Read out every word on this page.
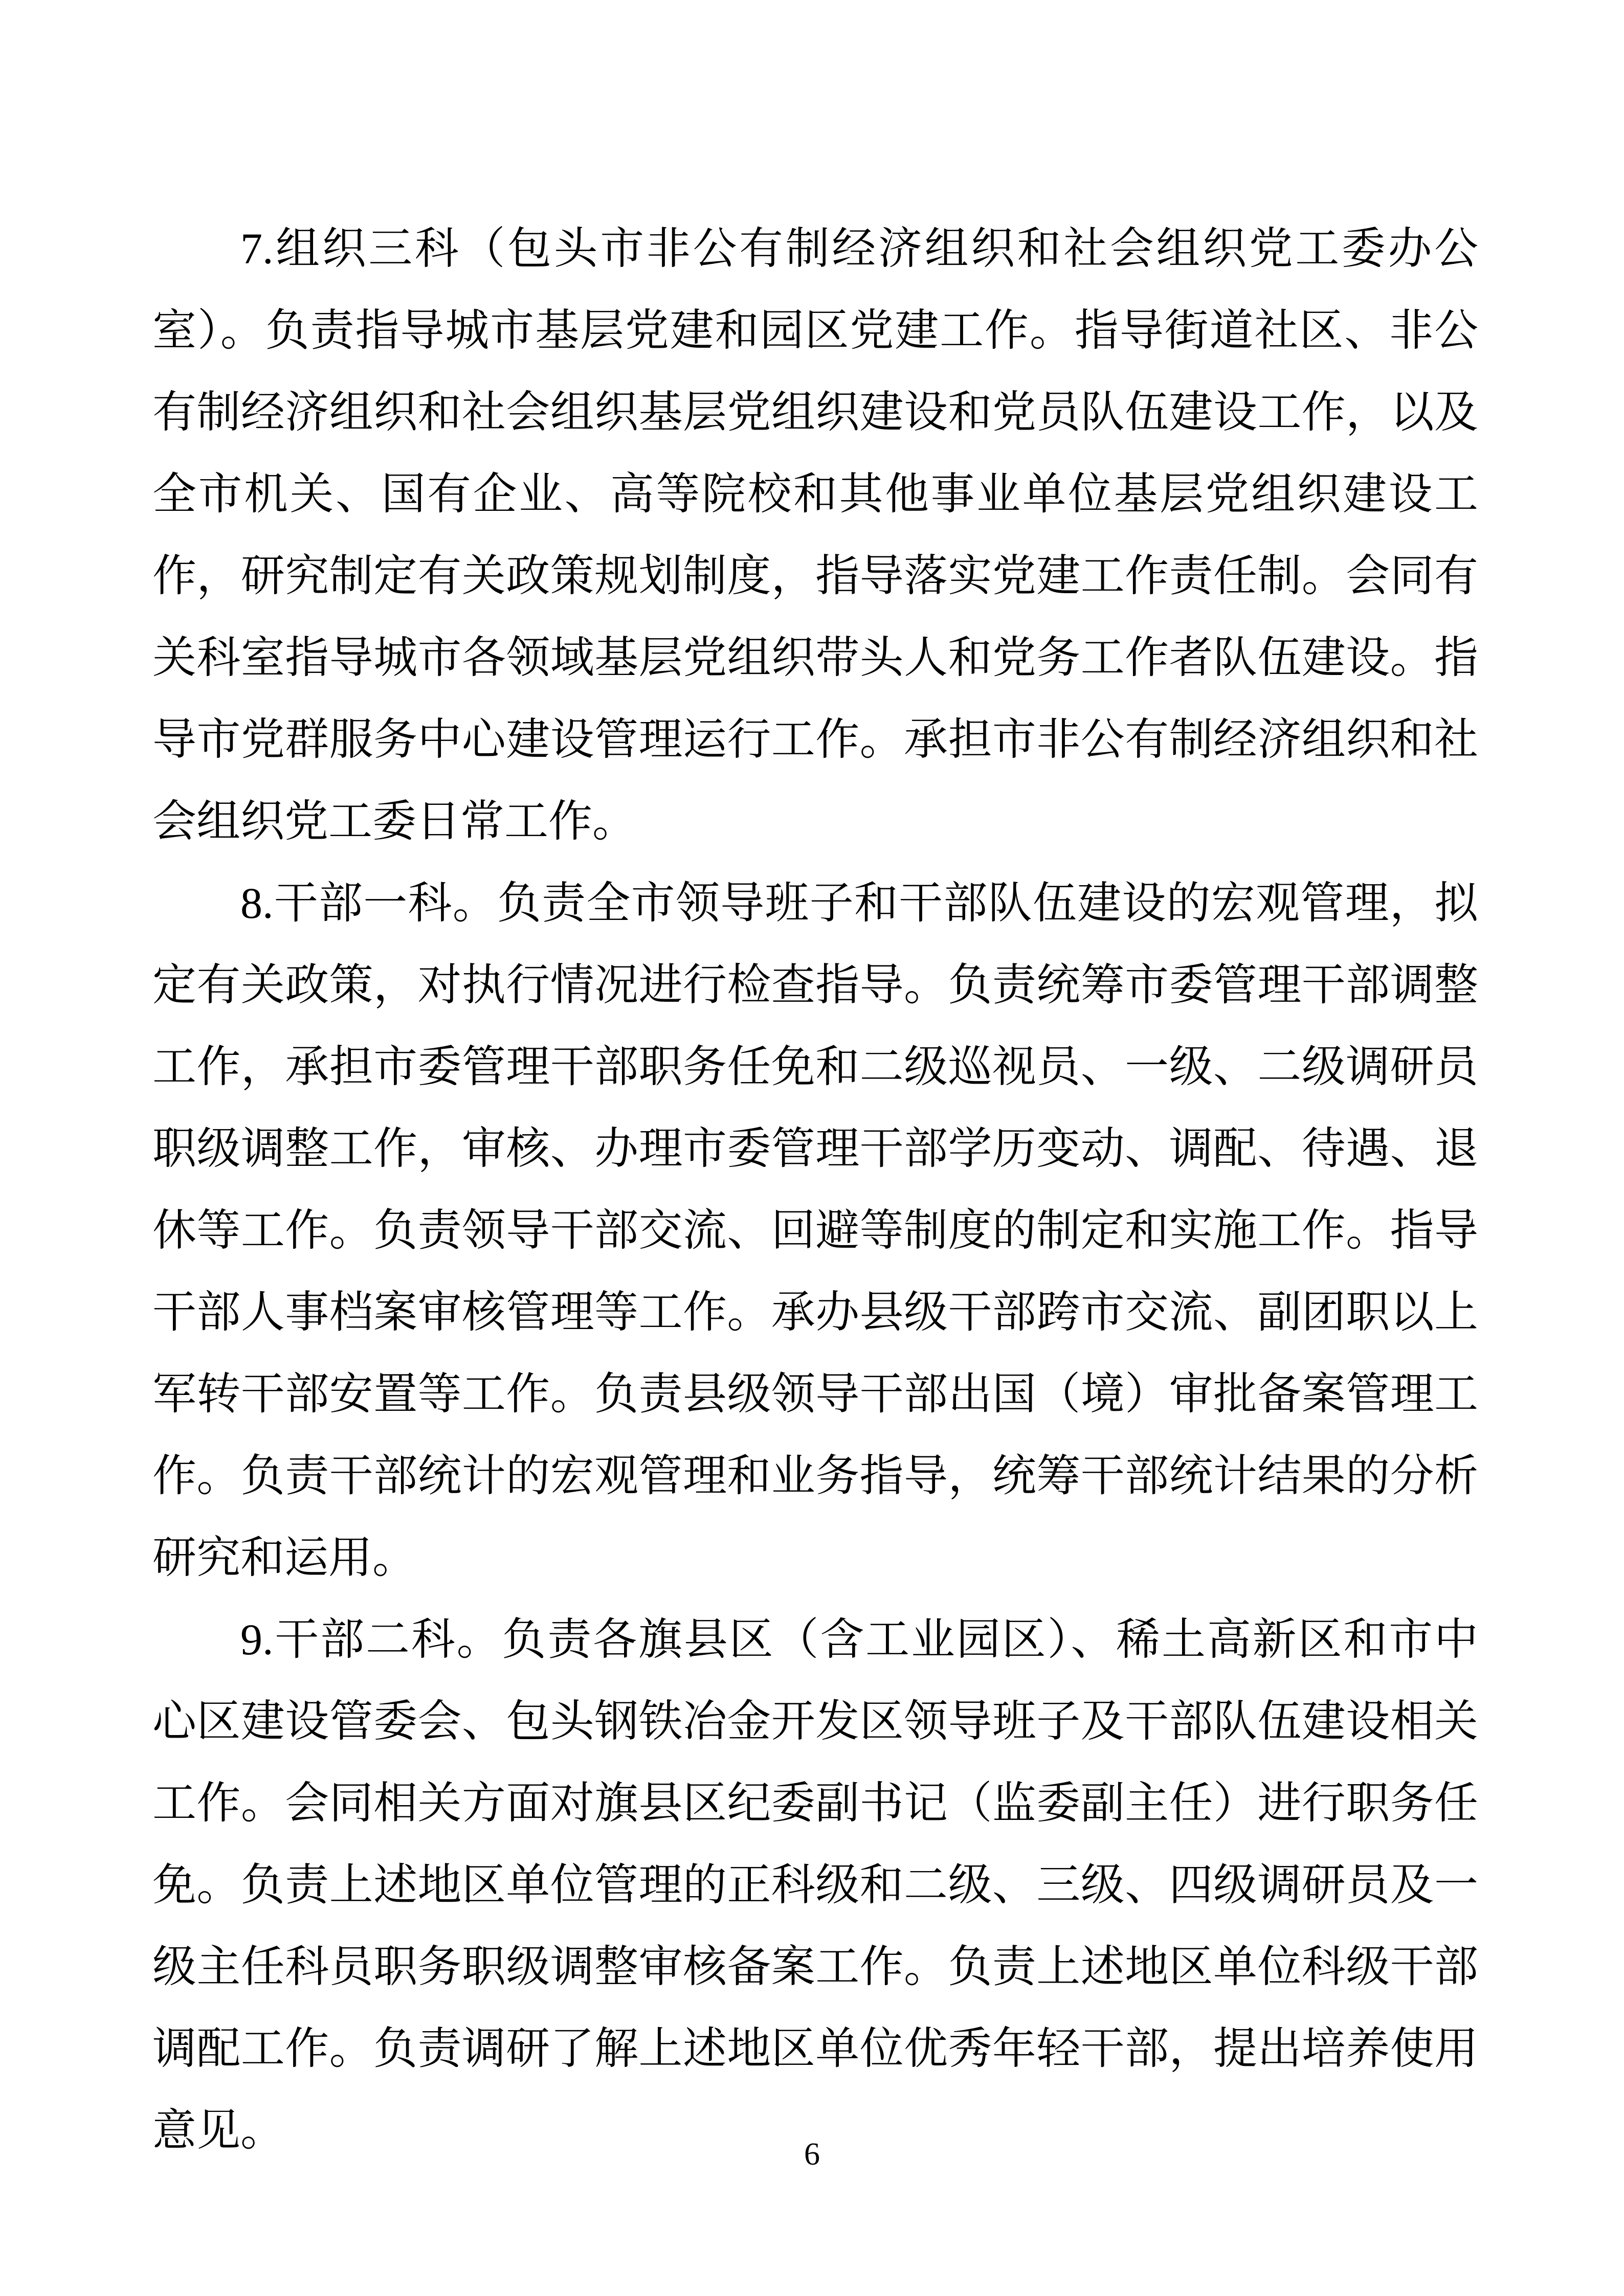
7.组织三科（包头市非公有制经济组织和社会组织党工委办公室）。负责指导城市基层党建和园区党建工作。指导街道社区、非公有制经济组织和社会组织基层党组织建设和党员队伍建设工作，以及全市机关、国有企业、高等院校和其他事业单位基层党组织建设工作，研究制定有关政策规划制度，指导落实党建工作责任制。会同有关科室指导城市各领域基层党组织带头人和党务工作者队伍建设。指导市党群服务中心建设管理运行工作。承担市非公有制经济组织和社会组织党工委日常工作。

8.干部一科。负责全市领导班子和干部队伍建设的宏观管理，拟定有关政策，对执行情况进行检查指导。负责统筹市委管理干部调整工作，承担市委管理干部职务任免和二级巡视员、一级、二级调研员职级调整工作，审核、办理市委管理干部学历变动、调配、待遇、退休等工作。负责领导干部交流、回避等制度的制定和实施工作。指导干部人事档案审核管理等工作。承办县级干部跨市交流、副团职以上军转干部安置等工作。负责县级领导干部出国（境）审批备案管理工作。负责干部统计的宏观管理和业务指导，统筹干部统计结果的分析研究和运用。

9.干部二科。负责各旗县区（含工业园区）、稀土高新区和市中心区建设管委会、包头钢铁冶金开发区领导班子及干部队伍建设相关工作。会同相关方面对旗县区纪委副书记（监委副主任）进行职务任免。负责上述地区单位管理的正科级和二级、三级、四级调研员及一级主任科员职务职级调整审核备案工作。负责上述地区单位科级干部调配工作。负责调研了解上述地区单位优秀年轻干部，提出培养使用意见。	6
